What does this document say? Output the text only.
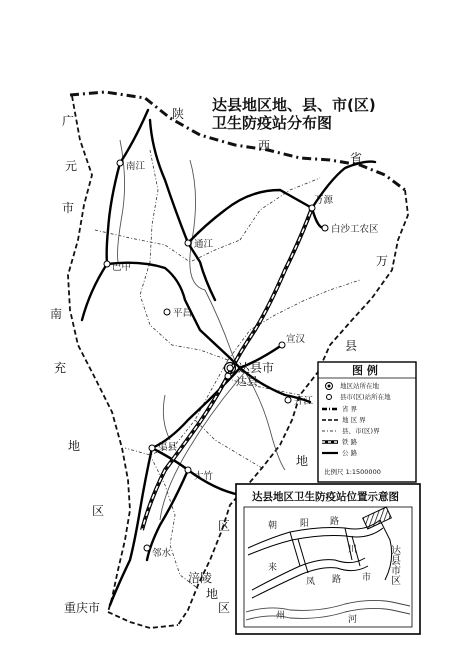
达县地区地、县、市(区)
卫生防疫站分布图
广
元
市
南
充
地
区
陕
西
省
万
县
地
区
涪陵
地
区
重庆市
南江
通江
巴中
平昌
万源
白沙工农区
宣汉
达县市
达县
开江
渠县
大竹
邻水
图 例
地区站所在地
县市(区)站所在地
省 界
地 区 界
县、市(区)界
铁 路
公 路
比例尺 1:1500000
达县地区卫生防疫站位置示意图
朝	阳 路
川
来
凤 路 市
州	河
达县市区
